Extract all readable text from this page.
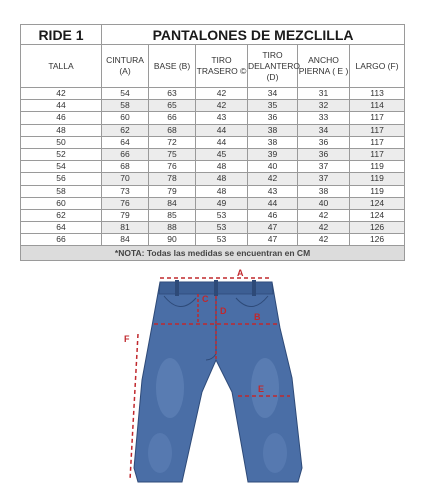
RIDE 1	PANTALONES DE MEZCLILLA					
TALLA	CINTURA (A)	BASE (B)	TIRO TRASERO ©	TIRO DELANTERO (D)	ANCHO PIERNA ( E )	LARGO (F)
42	54	63	42	34	31	113
44	58	65	42	35	32	114
46	60	66	43	36	33	117
48	62	68	44	38	34	117
50	64	72	44	38	36	117
52	66	75	45	39	36	117
54	68	76	48	40	37	119
56	70	78	48	42	37	119
58	73	79	48	43	38	119
60	76	84	49	44	40	124
62	79	85	53	46	42	124
64	81	88	53	47	42	126
66	84	90	53	47	42	126
*NOTA: Todas las medidas se encuentran en CM						
A
B
C
D
E
F
